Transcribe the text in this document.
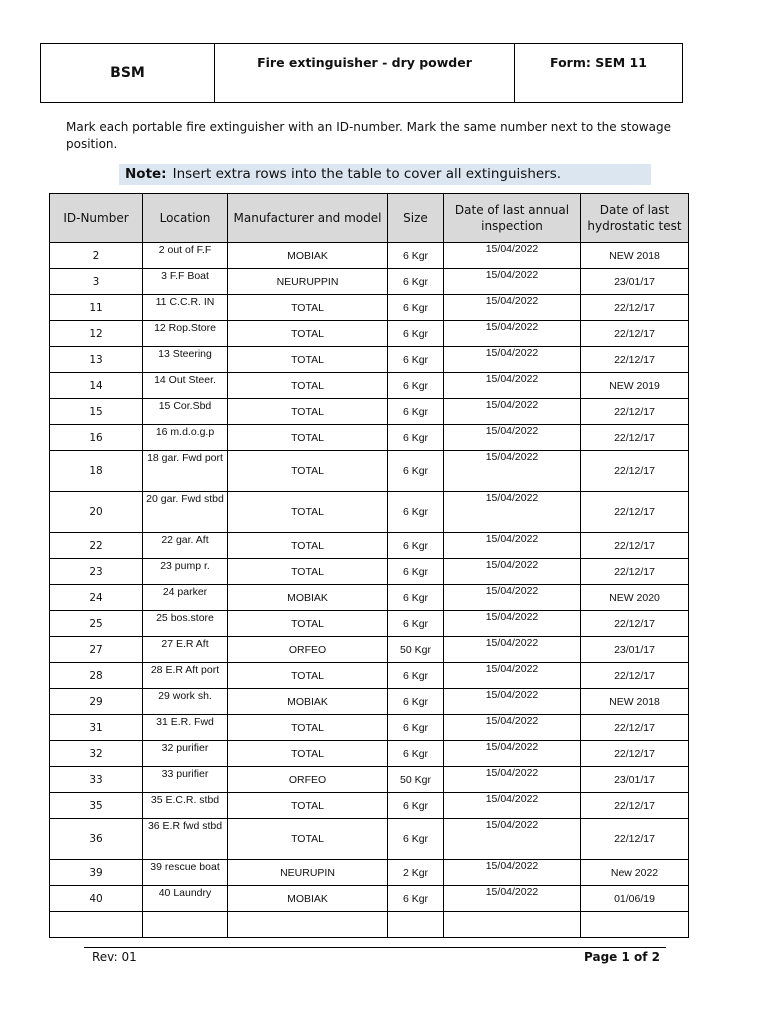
BSM
Fire extinguisher - dry powder	Form: SEM 11
Mark each portable fire extinguisher with an ID-number. Mark the same number next to the stowage position.
Note: Insert extra rows into the table to cover all extinguishers.
ID-Number	Location	Manufacturer and model	Size	Date of last annual inspection	Date of last hydrostatic test
2	2 out of F.F	MOBIAK	6 Kgr	15/04/2022	NEW 2018
3	3 F.F Boat	NEURUPPIN	6 Kgr	15/04/2022	23/01/17
11	11 C.C.R. IN	TOTAL	6 Kgr	15/04/2022	22/12/17
12	12 Rop.Store	TOTAL	6 Kgr	15/04/2022	22/12/17
13	13 Steering	TOTAL	6 Kgr	15/04/2022	22/12/17
14	14 Out Steer.	TOTAL	6 Kgr	15/04/2022	NEW 2019
15	15 Cor.Sbd	TOTAL	6 Kgr	15/04/2022	22/12/17
16	16 m.d.o.g.p	TOTAL	6 Kgr	15/04/2022	22/12/17
18	18 gar. Fwd port	TOTAL	6 Kgr	15/04/2022	22/12/17
20	20 gar. Fwd stbd	TOTAL	6 Kgr	15/04/2022	22/12/17
22	22 gar. Aft	TOTAL	6 Kgr	15/04/2022	22/12/17
23	23 pump r.	TOTAL	6 Kgr	15/04/2022	22/12/17
24	24 parker	MOBIAK	6 Kgr	15/04/2022	NEW 2020
25	25 bos.store	TOTAL	6 Kgr	15/04/2022	22/12/17
27	27 E.R Aft	ORFEO	50 Kgr	15/04/2022	23/01/17
28	28 E.R Aft port	TOTAL	6 Kgr	15/04/2022	22/12/17
29	29 work sh.	MOBIAK	6 Kgr	15/04/2022	NEW 2018
31	31 E.R. Fwd	TOTAL	6 Kgr	15/04/2022	22/12/17
32	32 purifier	TOTAL	6 Kgr	15/04/2022	22/12/17
33	33 purifier	ORFEO	50 Kgr	15/04/2022	23/01/17
35	35 E.C.R. stbd	TOTAL	6 Kgr	15/04/2022	22/12/17
36	36 E.R fwd stbd	TOTAL	6 Kgr	15/04/2022	22/12/17
39	39 rescue boat	NEURUPIN	2 Kgr	15/04/2022	New 2022
40	40 Laundry	MOBIAK	6 Kgr	15/04/2022	01/06/19

Rev: 01	Page 1 of 2
